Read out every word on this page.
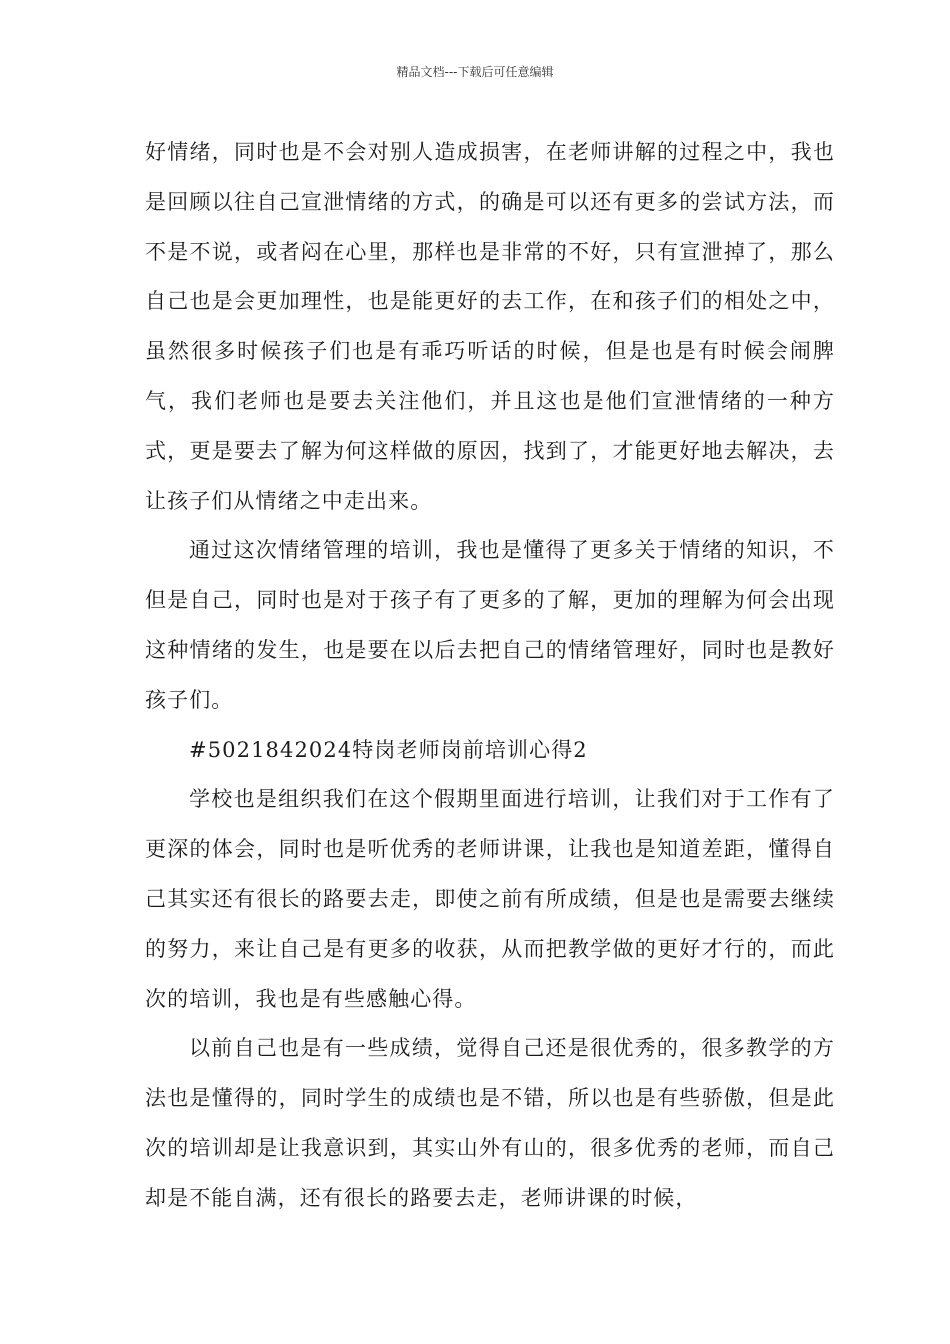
精品文档---下载后可任意编辑

好情绪，同时也是不会对别人造成损害，在老师讲解的过程之中，我也是回顾以往自己宣泄情绪的方式，的确是可以还有更多的尝试方法，而不是不说，或者闷在心里，那样也是非常的不好，只有宣泄掉了，那么自己也是会更加理性，也是能更好的去工作，在和孩子们的相处之中，虽然很多时候孩子们也是有乖巧听话的时候，但是也是有时候会闹脾气，我们老师也是要去关注他们，并且这也是他们宣泄情绪的一种方式，更是要去了解为何这样做的原因，找到了，才能更好地去解决，去让孩子们从情绪之中走出来。

通过这次情绪管理的培训，我也是懂得了更多关于情绪的知识，不但是自己，同时也是对于孩子有了更多的了解，更加的理解为何会出现这种情绪的发生，也是要在以后去把自己的情绪管理好，同时也是教好孩子们。

#5021842024特岗老师岗前培训心得2

学校也是组织我们在这个假期里面进行培训，让我们对于工作有了更深的体会，同时也是听优秀的老师讲课，让我也是知道差距，懂得自己其实还有很长的路要去走，即使之前有所成绩，但是也是需要去继续的努力，来让自己是有更多的收获，从而把教学做的更好才行的，而此次的培训，我也是有些感触心得。

以前自己也是有一些成绩，觉得自己还是很优秀的，很多教学的方法也是懂得的，同时学生的成绩也是不错，所以也是有些骄傲，但是此次的培训却是让我意识到，其实山外有山的，很多优秀的老师，而自己却是不能自满，还有很长的路要去走，老师讲课的时候，
